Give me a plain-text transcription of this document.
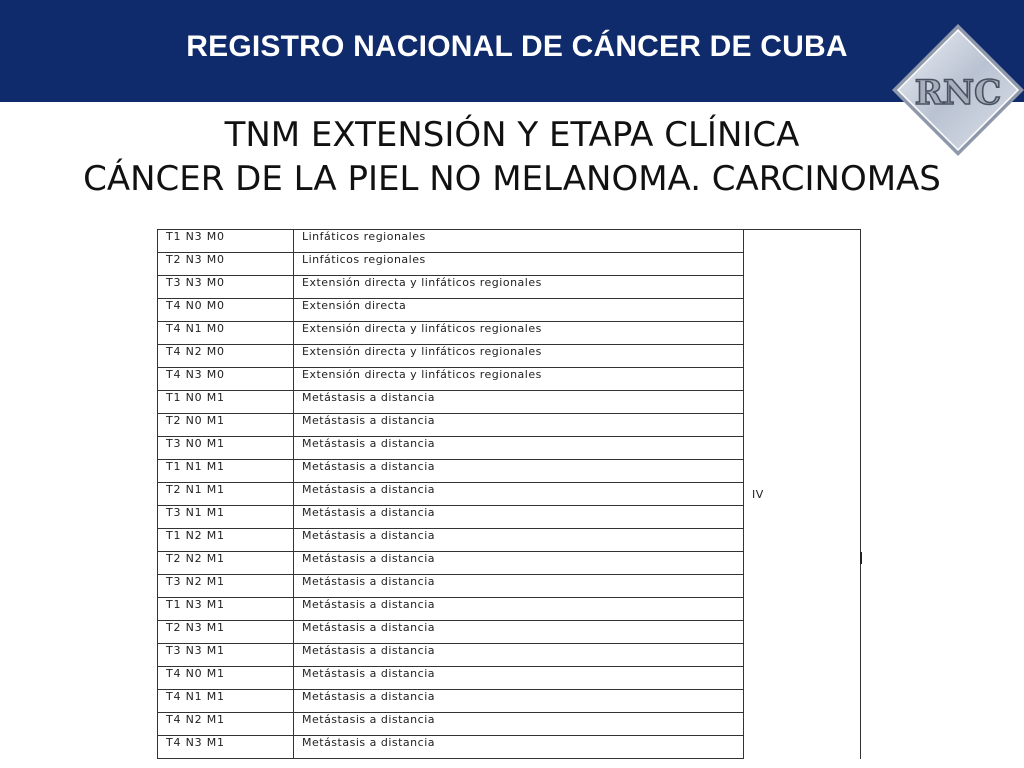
REGISTRO NACIONAL DE CÁNCER DE CUBA
RNC
TNM EXTENSIÓN Y ETAPA CLÍNICA
CÁNCER DE LA PIEL NO MELANOMA. CARCINOMAS
T1 N3 M0	Linfáticos regionales	IV
T2 N3 M0	Linfáticos regionales	
T3 N3 M0	Extensión directa y linfáticos regionales	
T4 N0 M0	Extensión directa	
T4 N1 M0	Extensión directa y linfáticos regionales	
T4 N2 M0	Extensión directa y linfáticos regionales	
T4 N3 M0	Extensión directa y linfáticos regionales	
T1 N0 M1	Metástasis a distancia	
T2 N0 M1	Metástasis a distancia	
T3 N0 M1	Metástasis a distancia	
T1 N1 M1	Metástasis a distancia	
T2 N1 M1	Metástasis a distancia	
T3 N1 M1	Metástasis a distancia	
T1 N2 M1	Metástasis a distancia	
T2 N2 M1	Metástasis a distancia	
T3 N2 M1	Metástasis a distancia	
T1 N3 M1	Metástasis a distancia	
T2 N3 M1	Metástasis a distancia	
T3 N3 M1	Metástasis a distancia	
T4 N0 M1	Metástasis a distancia	
T4 N1 M1	Metástasis a distancia	
T4 N2 M1	Metástasis a distancia	
T4 N3 M1	Metástasis a distancia	
